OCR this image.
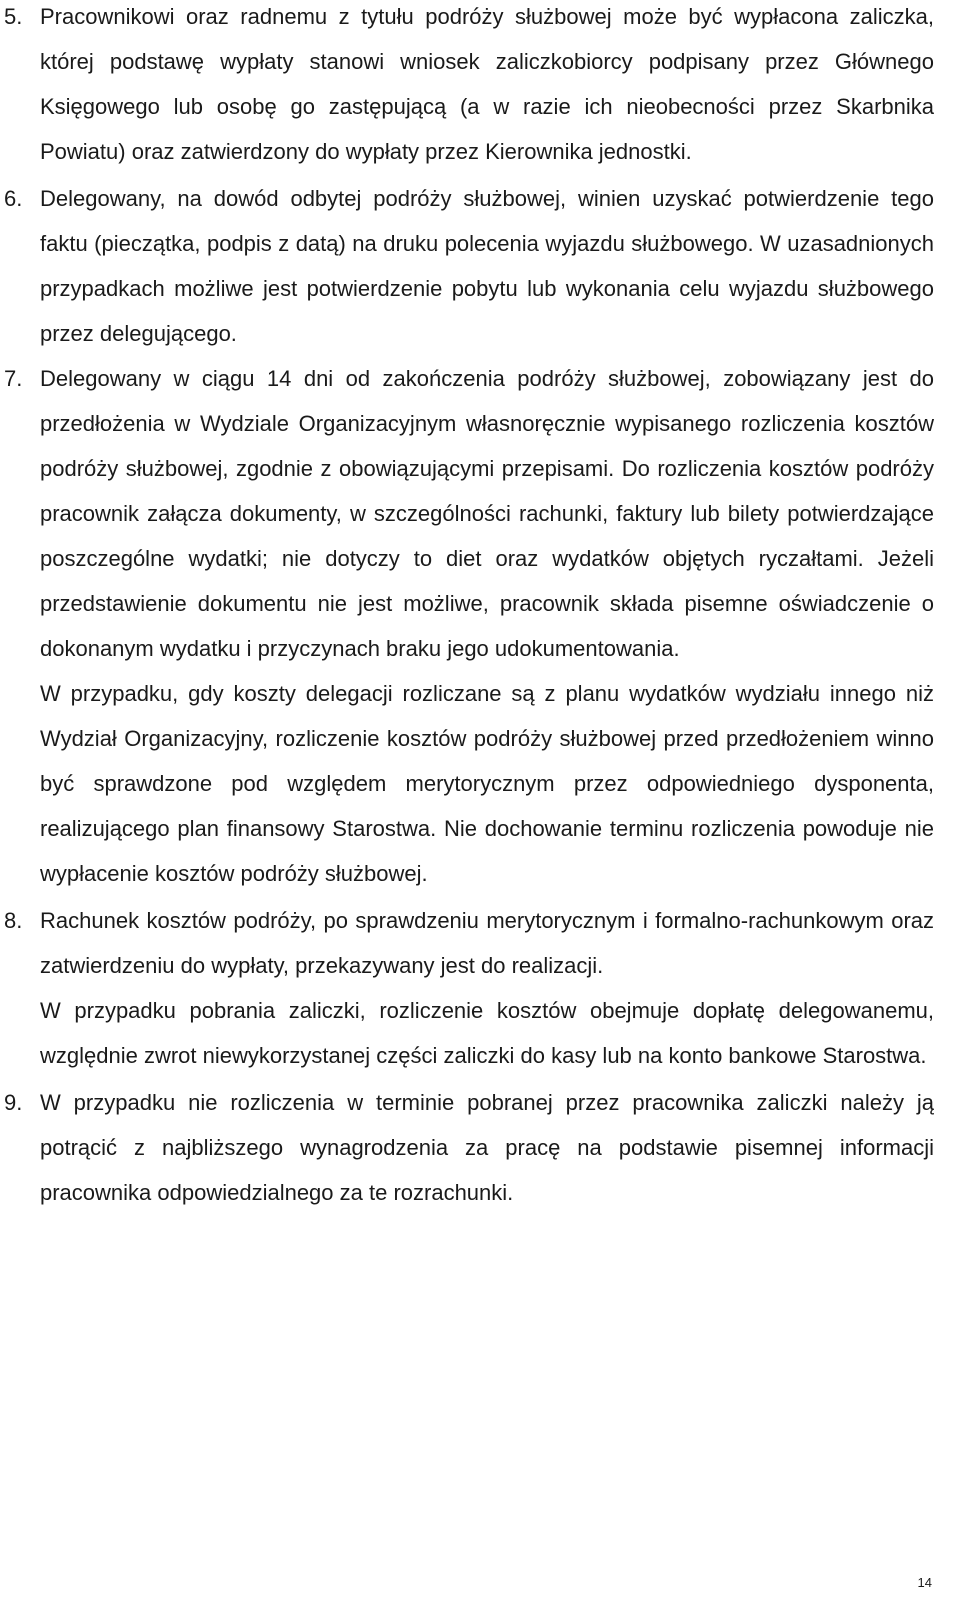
5. Pracownikowi oraz radnemu z tytułu podróży służbowej może być wypłacona zaliczka, której podstawę wypłaty stanowi wniosek zaliczkobiorcy podpisany przez Głównego Księgowego lub osobę go zastępującą (a w razie ich nieobecności przez Skarbnika Powiatu) oraz zatwierdzony do wypłaty przez Kierownika jednostki.
6. Delegowany, na dowód odbytej podróży służbowej, winien uzyskać potwierdzenie tego faktu (pieczątka, podpis z datą) na druku polecenia wyjazdu służbowego. W uzasadnionych przypadkach możliwe jest potwierdzenie pobytu lub wykonania celu wyjazdu służbowego przez delegującego.
7. Delegowany w ciągu 14 dni od zakończenia podróży służbowej, zobowiązany jest do przedłożenia w Wydziale Organizacyjnym własnoręcznie wypisanego rozliczenia kosztów podróży służbowej, zgodnie z obowiązującymi przepisami. Do rozliczenia kosztów podróży pracownik załącza dokumenty, w szczególności rachunki, faktury lub bilety potwierdzające poszczególne wydatki; nie dotyczy to diet oraz wydatków objętych ryczałtami. Jeżeli przedstawienie dokumentu nie jest możliwe, pracownik składa pisemne oświadczenie o dokonanym wydatku i przyczynach braku jego udokumentowania.
W przypadku, gdy koszty delegacji rozliczane są z planu wydatków wydziału innego niż Wydział Organizacyjny, rozliczenie kosztów podróży służbowej przed przedłożeniem winno być sprawdzone pod względem merytorycznym przez odpowiedniego dysponenta, realizującego plan finansowy Starostwa. Nie dochowanie terminu rozliczenia powoduje nie wypłacenie kosztów podróży służbowej.
8. Rachunek kosztów podróży, po sprawdzeniu merytorycznym i formalno-rachunkowym oraz zatwierdzeniu do wypłaty, przekazywany jest do realizacji.
W przypadku pobrania zaliczki, rozliczenie kosztów obejmuje dopłatę delegowanemu, względnie zwrot niewykorzystanej części zaliczki do kasy lub na konto bankowe Starostwa.
9. W przypadku nie rozliczenia w terminie pobranej przez pracownika zaliczki należy ją potrącić z najbliższego wynagrodzenia za pracę na podstawie pisemnej informacji pracownika odpowiedzialnego za te rozrachunki.
14
